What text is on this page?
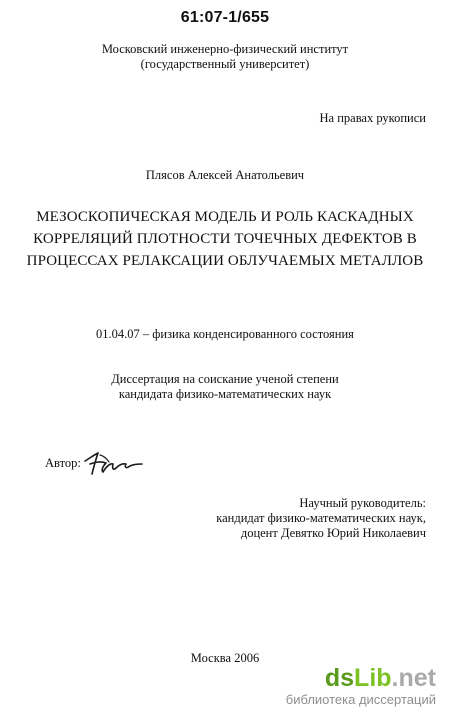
61:07-1/655
Московский инженерно-физический институт
(государственный университет)
На правах рукописи
Плясов Алексей Анатольевич
МЕЗОСКОПИЧЕСКАЯ МОДЕЛЬ И РОЛЬ КАСКАДНЫХ
КОРРЕЛЯЦИЙ ПЛОТНОСТИ ТОЧЕЧНЫХ ДЕФЕКТОВ В
ПРОЦЕССАХ РЕЛАКСАЦИИ ОБЛУЧАЕМЫХ МЕТАЛЛОВ
01.04.07 – физика конденсированного состояния
Диссертация на соискание ученой степени
кандидата физико-математических наук
Автор:
Научный руководитель:
кандидат физико-математических наук,
доцент Девятко Юрий Николаевич
Москва 2006
dsLib.net
библиотека диссертаций
